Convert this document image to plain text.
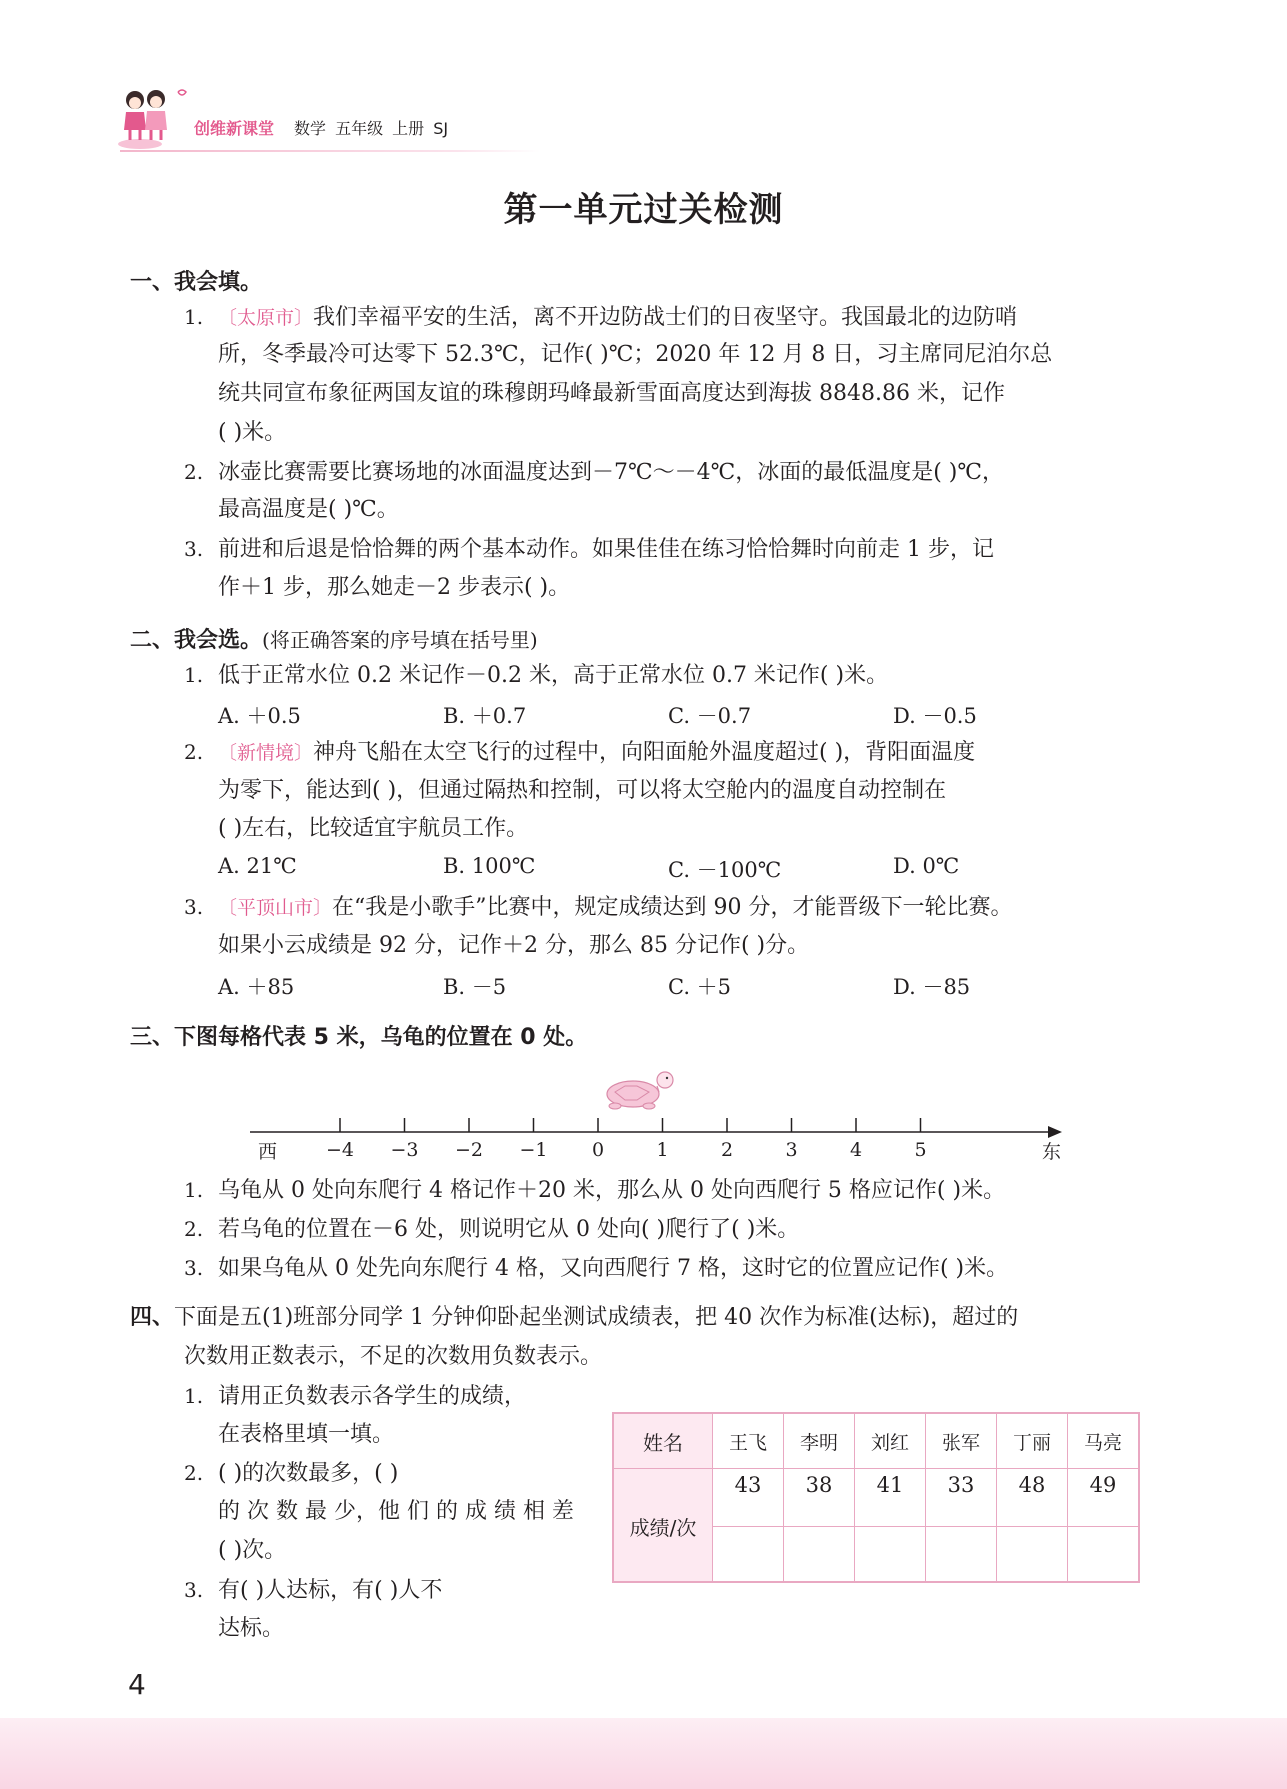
创维新课堂 数学 五年级 上册 SJ
第一单元过关检测
一、我会填。
1. 〔太原市〕我们幸福平安的生活，离不开边防战士们的日夜坚守。我国最北的边防哨
所，冬季最冷可达零下 52.3℃，记作( )℃；2020 年 12 月 8 日，习主席同尼泊尔总
统共同宣布象征两国友谊的珠穆朗玛峰最新雪面高度达到海拔 8848.86 米，记作
( )米。
2. 冰壶比赛需要比赛场地的冰面温度达到－7℃～－4℃，冰面的最低温度是( )℃，
最高温度是( )℃。
3. 前进和后退是恰恰舞的两个基本动作。如果佳佳在练习恰恰舞时向前走 1 步，记
作＋1 步，那么她走－2 步表示( )。
二、我会选。(将正确答案的序号填在括号里)
1. 低于正常水位 0.2 米记作－0.2 米，高于正常水位 0.7 米记作( )米。
A. ＋0.5	B. ＋0.7	C. －0.7	D. －0.5
2. 〔新情境〕神舟飞船在太空飞行的过程中，向阳面舱外温度超过( )，背阳面温度
为零下，能达到( )，但通过隔热和控制，可以将太空舱内的温度自动控制在
( )左右，比较适宜宇航员工作。
A. 21℃	B. 100℃	C. －100℃	D. 0℃
3. 〔平顶山市〕在“我是小歌手”比赛中，规定成绩达到 90 分，才能晋级下一轮比赛。
如果小云成绩是 92 分，记作＋2 分，那么 85 分记作( )分。
A. ＋85	B. －5	C. ＋5	D. －85
三、下图每格代表 5 米，乌龟的位置在 0 处。
−4 −3 −2 −1 0	1	2	3	4	5
西	东
1. 乌龟从 0 处向东爬行 4 格记作＋20 米，那么从 0 处向西爬行 5 格应记作( )米。
2. 若乌龟的位置在－6 处，则说明它从 0 处向( )爬行了( )米。
3. 如果乌龟从 0 处先向东爬行 4 格，又向西爬行 7 格，这时它的位置应记作( )米。
四、下面是五(1)班部分同学 1 分钟仰卧起坐测试成绩表，把 40 次作为标准(达标)，超过的
次数用正数表示，不足的次数用负数表示。
1. 请用正负数表示各学生的成绩，
在表格里填一填。
2. ( )的次数最多，( )
的 次 数 最 少，他 们 的 成 绩 相 差
( )次。
3. 有( )人达标，有( )人不
达标。
姓名	王飞	李明	刘红	张军	丁丽	马亮
成绩/次	43	38	41	33	48	49

4
